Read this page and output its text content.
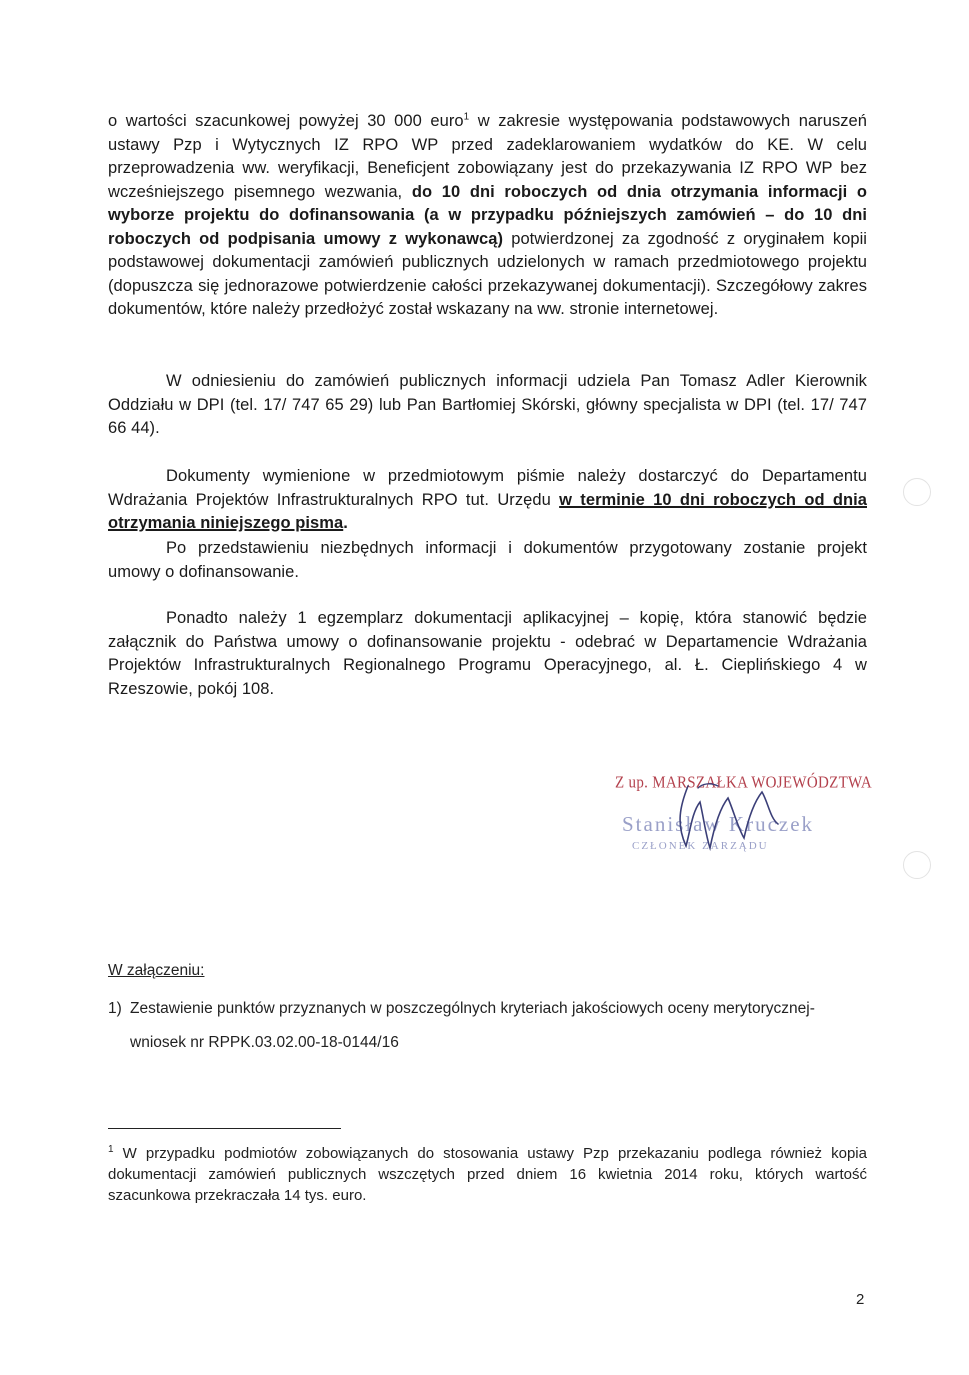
o wartości szacunkowej powyżej 30 000 euro$^1$ w zakresie występowania podstawowych naruszeń ustawy Pzp i Wytycznych IZ RPO WP przed zadeklarowaniem wydatków do KE. W celu przeprowadzenia ww. weryfikacji, Beneficjent zobowiązany jest do przekazywania IZ RPO WP bez wcześniejszego pisemnego wezwania, do 10 dni roboczych od dnia otrzymania informacji o wyborze projektu do dofinansowania (a w przypadku późniejszych zamówień – do 10 dni roboczych od podpisania umowy z wykonawcą) potwierdzonej za zgodność z oryginałem kopii podstawowej dokumentacji zamówień publicznych udzielonych w ramach przedmiotowego projektu (dopuszcza się jednorazowe potwierdzenie całości przekazywanej dokumentacji). Szczegółowy zakres dokumentów, które należy przedłożyć został wskazany na ww. stronie internetowej.
W odniesieniu do zamówień publicznych informacji udziela Pan Tomasz Adler Kierownik Oddziału w DPI (tel. 17/ 747 65 29) lub Pan Bartłomiej Skórski, główny specjalista w DPI (tel. 17/ 747 66 44).
Dokumenty wymienione w przedmiotowym piśmie należy dostarczyć do Departamentu Wdrażania Projektów Infrastrukturalnych RPO tut. Urzędu w terminie 10 dni roboczych od dnia otrzymania niniejszego pisma.
Po przedstawieniu niezbędnych informacji i dokumentów przygotowany zostanie projekt umowy o dofinansowanie.
Ponadto należy 1 egzemplarz dokumentacji aplikacyjnej – kopię, która stanowić będzie załącznik do Państwa umowy o dofinansowanie projektu - odebrać w Departamencie Wdrażania Projektów Infrastrukturalnych Regionalnego Programu Operacyjnego, al. Ł. Cieplińskiego 4 w Rzeszowie, pokój 108.
Z up. MARSZAŁKA WOJEWÓDZTWA
Stanisław Kruczek
CZŁONEK ZARZĄDU
W załączeniu:
1) Zestawienie punktów przyznanych w poszczególnych kryteriach jakościowych oceny merytorycznej-
wniosek nr RPPK.03.02.00-18-0144/16
$^1$ W przypadku podmiotów zobowiązanych do stosowania ustawy Pzp przekazaniu podlega również kopia dokumentacji zamówień publicznych wszczętych przed dniem 16 kwietnia 2014 roku, których wartość szacunkowa przekraczała 14 tys. euro.
2
